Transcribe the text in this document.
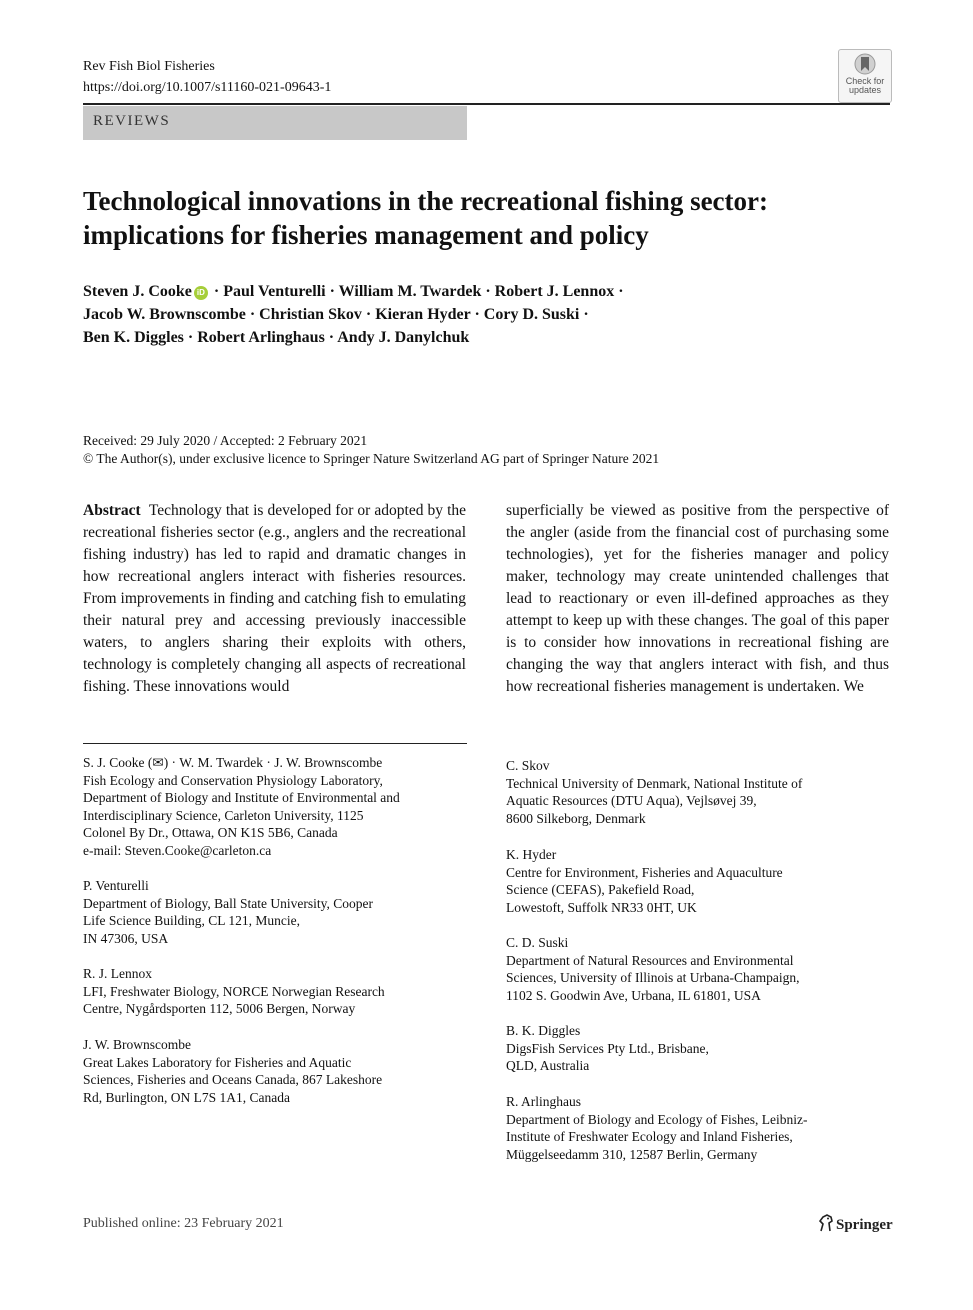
Rev Fish Biol Fisheries
https://doi.org/10.1007/s11160-021-09643-1
REVIEWS
Check for
updates
Technological innovations in the recreational fishing sector:
implications for fisheries management and policy
Steven J. Cooke iD · Paul Venturelli · William M. Twardek · Robert J. Lennox ·
Jacob W. Brownscombe · Christian Skov · Kieran Hyder · Cory D. Suski ·
Ben K. Diggles · Robert Arlinghaus · Andy J. Danylchuk
Received: 29 July 2020 / Accepted: 2 February 2021
© The Author(s), under exclusive licence to Springer Nature Switzerland AG part of Springer Nature 2021

Abstract Technology that is developed for or adopted by the recreational fisheries sector (e.g., anglers and the recreational fishing industry) has led to rapid and dramatic changes in how recreational anglers interact with fisheries resources. From improvements in finding and catching fish to emulating their natural prey and accessing previously inaccessible waters, to anglers sharing their exploits with others, technology is completely changing all aspects of recreational fishing. These innovations would

superficially be viewed as positive from the perspective of the angler (aside from the financial cost of purchasing some technologies), yet for the fisheries manager and policy maker, technology may create unintended challenges that lead to reactionary or even ill-defined approaches as they attempt to keep up with these changes. The goal of this paper is to consider how innovations in recreational fishing are changing the way that anglers interact with fish, and thus how recreational fisheries management is undertaken. We

S. J. Cooke (✉) · W. M. Twardek · J. W. Brownscombe
Fish Ecology and Conservation Physiology Laboratory,
Department of Biology and Institute of Environmental and
Interdisciplinary Science, Carleton University, 1125
Colonel By Dr., Ottawa, ON K1S 5B6, Canada
e-mail: Steven.Cooke@carleton.ca
P. Venturelli
Department of Biology, Ball State University, Cooper
Life Science Building, CL 121, Muncie,
IN 47306, USA
R. J. Lennox
LFI, Freshwater Biology, NORCE Norwegian Research
Centre, Nygårdsporten 112, 5006 Bergen, Norway
J. W. Brownscombe
Great Lakes Laboratory for Fisheries and Aquatic
Sciences, Fisheries and Oceans Canada, 867 Lakeshore
Rd, Burlington, ON L7S 1A1, Canada
C. Skov
Technical University of Denmark, National Institute of
Aquatic Resources (DTU Aqua), Vejlsøvej 39,
8600 Silkeborg, Denmark
K. Hyder
Centre for Environment, Fisheries and Aquaculture
Science (CEFAS), Pakefield Road,
Lowestoft, Suffolk NR33 0HT, UK
C. D. Suski
Department of Natural Resources and Environmental
Sciences, University of Illinois at Urbana-Champaign,
1102 S. Goodwin Ave, Urbana, IL 61801, USA
B. K. Diggles
DigsFish Services Pty Ltd., Brisbane,
QLD, Australia
R. Arlinghaus
Department of Biology and Ecology of Fishes, Leibniz-
Institute of Freshwater Ecology and Inland Fisheries,
Müggelseedamm 310, 12587 Berlin, Germany
Published online: 23 February 2021	Springer
